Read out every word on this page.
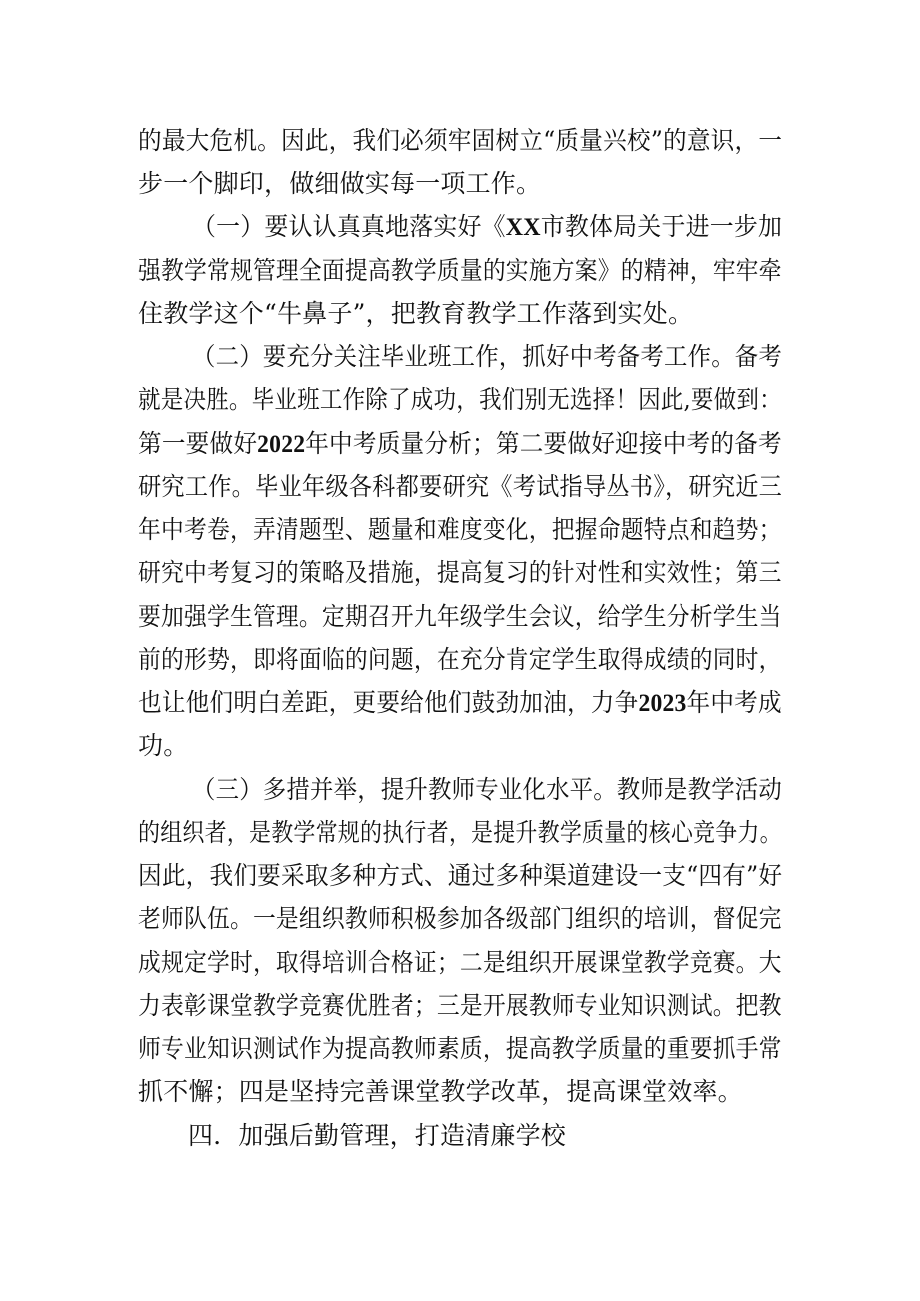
的最大危机。因此，我们必须牢固树立“质量兴校”的意识，一
步一个脚印，做细做实每一项工作。
（一）要认认真真地落实好《XX市教体局关于进一步加
强教学常规管理全面提高教学质量的实施方案》的精神，牢牢牵
住教学这个“牛鼻子”，把教育教学工作落到实处。
（二）要充分关注毕业班工作，抓好中考备考工作。备考
就是决胜。毕业班工作除了成功，我们别无选择！因此,要做到：
第一要做好2022年中考质量分析；第二要做好迎接中考的备考
研究工作。毕业年级各科都要研究《考试指导丛书》，研究近三
年中考卷，弄清题型、题量和难度变化，把握命题特点和趋势；
研究中考复习的策略及措施，提高复习的针对性和实效性；第三
要加强学生管理。定期召开九年级学生会议，给学生分析学生当
前的形势，即将面临的问题，在充分肯定学生取得成绩的同时，
也让他们明白差距，更要给他们鼓劲加油，力争2023年中考成
功。
（三）多措并举，提升教师专业化水平。教师是教学活动
的组织者，是教学常规的执行者，是提升教学质量的核心竞争力。
因此，我们要采取多种方式、通过多种渠道建设一支“四有”好
老师队伍。一是组织教师积极参加各级部门组织的培训，督促完
成规定学时，取得培训合格证；二是组织开展课堂教学竞赛。大
力表彰课堂教学竞赛优胜者；三是开展教师专业知识测试。把教
师专业知识测试作为提高教师素质，提高教学质量的重要抓手常
抓不懈；四是坚持完善课堂教学改革，提高课堂效率。
四．加强后勤管理，打造清廉学校
